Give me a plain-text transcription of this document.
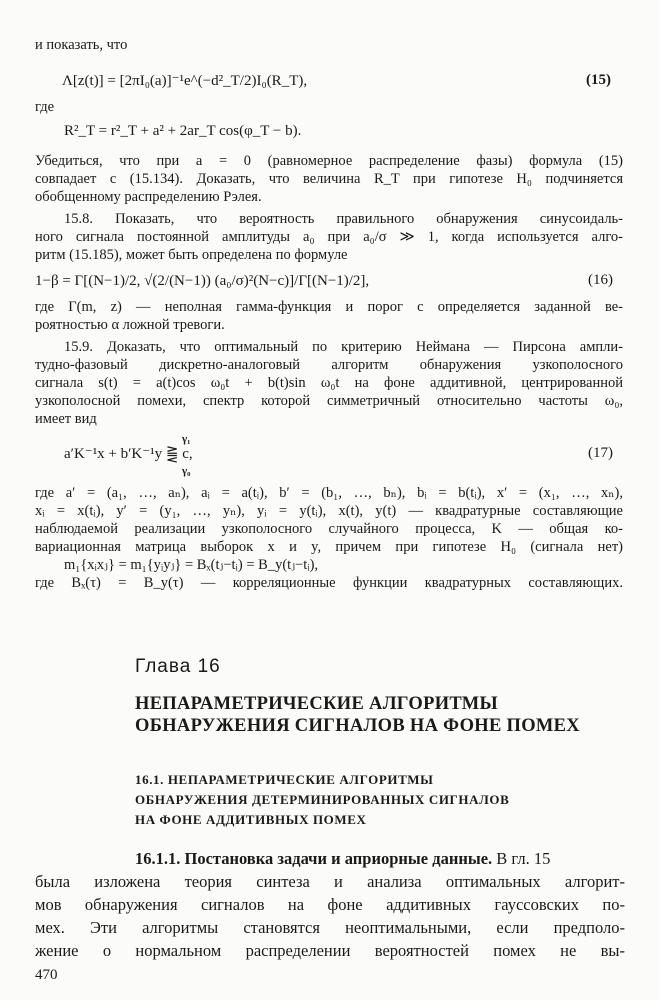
и показать, что
Λ[z(t)] = [2πI₀(a)]⁻¹e^(−d²_T/2)I₀(R_T),	(15)
где
R²_T = r²_T + a² + 2ar_T cos(φ_T − b).
Убедиться, что при a = 0 (равномерное распределение фазы) формула (15)
совпадает с (15.134). Доказать, что величина R_T при гипотезе H₀ подчиняется
обобщенному распределению Рэлея.
15.8. Показать, что вероятность правильного обнаружения синусоидаль-
ного сигнала постоянной амплитуды a₀ при a₀/σ ≫ 1, когда используется алго-
ритм (15.185), может быть определена по формуле
1−β = Γ[(N−1)/2, √(2/(N−1)) (a₀/σ)²(N−c)]/Γ[(N−1)/2],	(16)
где Γ(m, z) — неполная гамма-функция и порог c определяется заданной ве-
роятностью α ложной тревоги.
15.9. Доказать, что оптимальный по критерию Неймана — Пирсона ампли-
тудно-фазовый дискретно-аналоговый алгоритм обнаружения узкополосного
сигнала s(t) = a(t)cos ω₀t + b(t)sin ω₀t на фоне аддитивной, центрированной
узкополосной помехи, спектр которой симметричный относительно частоты ω₀,
имеет вид
γ₁
a′K⁻¹x + b′K⁻¹y ⪌ c,
γ₀
(17)
где a′ = (a₁, …, aₙ), aᵢ = a(tᵢ), b′ = (b₁, …, bₙ), bᵢ = b(tᵢ), x′ = (x₁, …, xₙ),
xᵢ = x(tᵢ), y′ = (y₁, …, yₙ), yᵢ = y(tᵢ), x(t), y(t) — квадратурные составляющие
наблюдаемой реализации узкополосного случайного процесса, K — общая ко-
вариационная матрица выборок x и y, причем при гипотезе H₀ (сигнала нет)
m₁{xᵢxⱼ} = m₁{yᵢyⱼ} = Bₓ(tⱼ−tᵢ) = B_y(tⱼ−tᵢ),
где Bₓ(τ) = B_y(τ) — корреляционные функции квадратурных составляющих.
Глава 16
НЕПАРАМЕТРИЧЕСКИЕ АЛГОРИТМЫ
ОБНАРУЖЕНИЯ СИГНАЛОВ НА ФОНЕ ПОМЕХ
16.1. НЕПАРАМЕТРИЧЕСКИЕ АЛГОРИТМЫ
ОБНАРУЖЕНИЯ ДЕТЕРМИНИРОВАННЫХ СИГНАЛОВ
НА ФОНЕ АДДИТИВНЫХ ПОМЕХ
16.1.1. Постановка задачи и априорные данные. В гл. 15
была изложена теория синтеза и анализа оптимальных алгорит-
мов обнаружения сигналов на фоне аддитивных гауссовских по-
мех. Эти алгоритмы становятся неоптимальными, если предполо-
жение о нормальном распределении вероятностей помех не вы-
470
